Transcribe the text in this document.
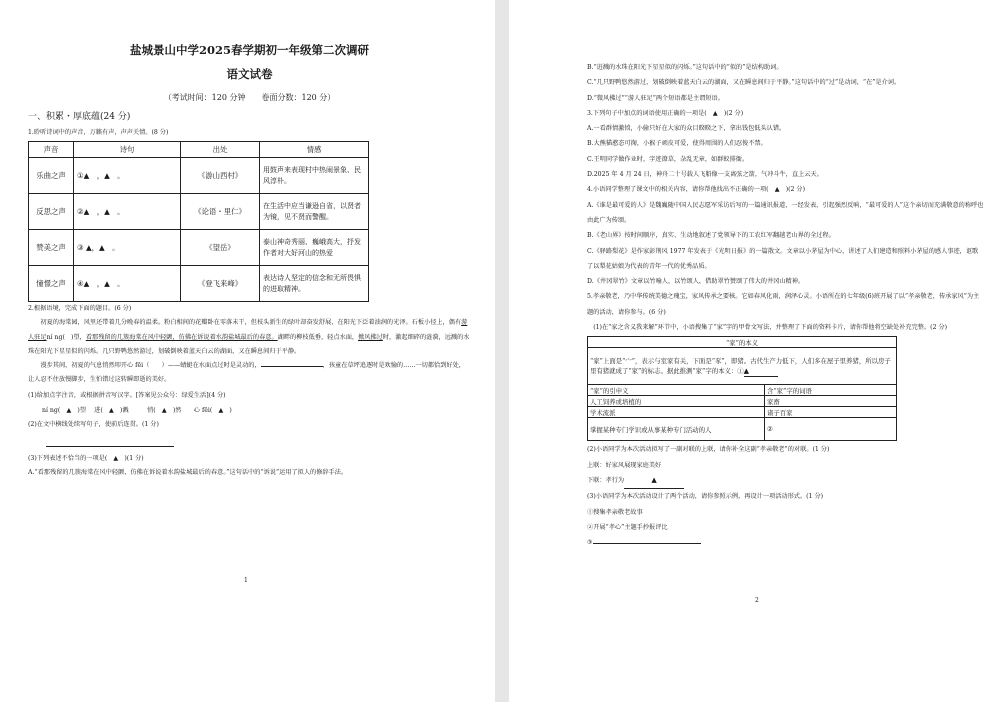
盐城景山中学2025春学期初一年级第二次调研

语文试卷

（考试时间：120 分钟　　卷面分数：120 分）
一、积累・厚底蕴(24 分)

1.聆听诗词中的声音，万籁有声，声声关情。(8 分)

声音	诗句	出处	情感
乐曲之声	①▲　，▲　。	《游山西村》	用鼓声来表现村中热闹景象、民风淳朴。
反思之声	②▲　，▲　。	《论语・里仁》	在生活中应当谦逊自省，以贤者为镜，见不贤而警醒。
赞美之声	③ ▲，▲　。	《望岳》	泰山神奇秀丽、巍峨高大，抒发作者对大好河山的热爱
憧憬之声	④▲　，▲　。	《登飞来峰》	表达诗人坚定的信念和无所畏惧的进取精神。

2.根据语境，完成下面的题目。(6 分)

初夏的海棠园，风里还带着几分晚春的温柔。粉白相间的花瓣卧在零落未干，但枝头新生的绿叶却奋发舒展，在阳光下泛着油润的光泽。石板小径上，偶有游人驻足ní ng(　)望，看那残留的几簇海棠在风中轻颤，仿佛在诉说着水韵盐城最后的春意。湖畔的柳枝低垂，轻点水面，掀风拂过时，激起细碎的涟漪，远溅的水珠在阳光下星星似的闪烁。几只野鸭悠然游过，划破倒映着蓝天白云的湖面，又在瞬息间归于平静。

漫步其间，初夏的气息悄然叩开心 fēi（　　）——蜻蜓在水面点过时是灵动的，	，孩童在草坪追逐时是欢愉的……一切都恰到好处，让人忍不住放慢脚步，生怕错过这转瞬即逝的美好。

(1)给加点字注音，或根据拼音写汉字。[答案见公众号：绿爱生活](4 分)

ní ng(　▲　)望　 进(　▲　)溅　　　悄(　▲　)然　　心 fēi(　▲　)

(2)在文中横线处续写句子，使前后连贯。(1 分)

(3)下列表述不恰当的一项是(　▲　)(1 分)

A.“看那残留的几簇海棠在风中轻颤，仿佛在诉说着水韵盐城最后的春意。”这句话中的“诉说”运用了拟人的修辞手法。

1

B.“迸溅的水珠在阳光下星星似的闪烁。”这句话中的“似的”是结构助词。

C.“几只野鸭悠然游过，划破倒映着蓝天白云的湖面，又在瞬息间归于平静。”这句话中的“过”是动词，“在”是介词。

D.“微风拂过”“游人驻足”两个短语都是主谓短语。

3.下列句子中加点的词语使用正确的一项是(　▲　)(2 分)

A.一看群情激愤，小偷只好在大家的众目睽睽之下，拿出钱包低头认错。

B.大熊猫憨态可掬，小猴子顽皮可爱，使得周围的人们忍俊不禁。

C.王明同学做作业时，字迹潦草，杂乱无章，如群蚁排衙。

D.2025 年 4 月 24 日，神舟二十号载人飞船像一支离弦之箭，气冲斗牛，直上云天。

4.小语同学整理了课文中的相关内容，请你帮他找出不正确的一项(　▲　)(2 分)

A.《谁是最可爱的人》是魏巍随中国人民志愿军采访后写的一篇通讯报道，一经发表，引起强烈反响，“最可爱的人”这个亲切而充满敬意的称呼也由此广为传颂。

B.《老山界》按时间顺序，真实、生动地叙述了党领导下的工农红军翻越老山界的全过程。

C.《驿路梨花》是作家彭荆风 1977 年发表于《光明日报》的一篇散文。文章以小茅屋为中心，讲述了人们建造和照料小茅屋的感人事迹，讴歌了以梨花姑娘为代表的青年一代的优秀品质。

D.《井冈翠竹》文章以竹喻人，以竹颂人，借助翠竹赞颂了伟大的井冈山精神。

5.孝亲敬老，乃中华传统美德之瑰宝，家风传承之要核。它如春风化雨，润泽心灵。小语所在的七年级(6)班开展了以“孝亲敬老，传承家风”为主题的活动，请你参与。(6 分)

(1)在“家之含义我来解”环节中，小语搜集了“家”字的甲骨文写法，并整理了下面的资料卡片，请你帮他将空缺处补充完整。(2 分)

“家”的本义	
“家”上面是“宀”，表示与室家有关，下面是“豕”，即猪。古代生产力低下，人们多在屋子里养猪，所以房子里有猪就成了“家”的标志。据此推测“家”字的本义：①▲	
“家”的引申义	含“家”字的词语
人工饲养或培植的	家畜
学术流派	诸子百家
掌握某种专门学识或从事某种专门活动的人	②

(2)小语同学为本次活动拟写了一副对联的上联，请你补全这副“孝亲敬老”的对联。(1 分)

上联：好家风展现家庭美好

下联：孝行为	▲

(3)小语同学为本次活动设计了两个活动，请你参照示例，再设计一项活动形式。(1 分)

①搜集孝亲敬老故事

②开展“孝心”主题手抄报评比

③

2
